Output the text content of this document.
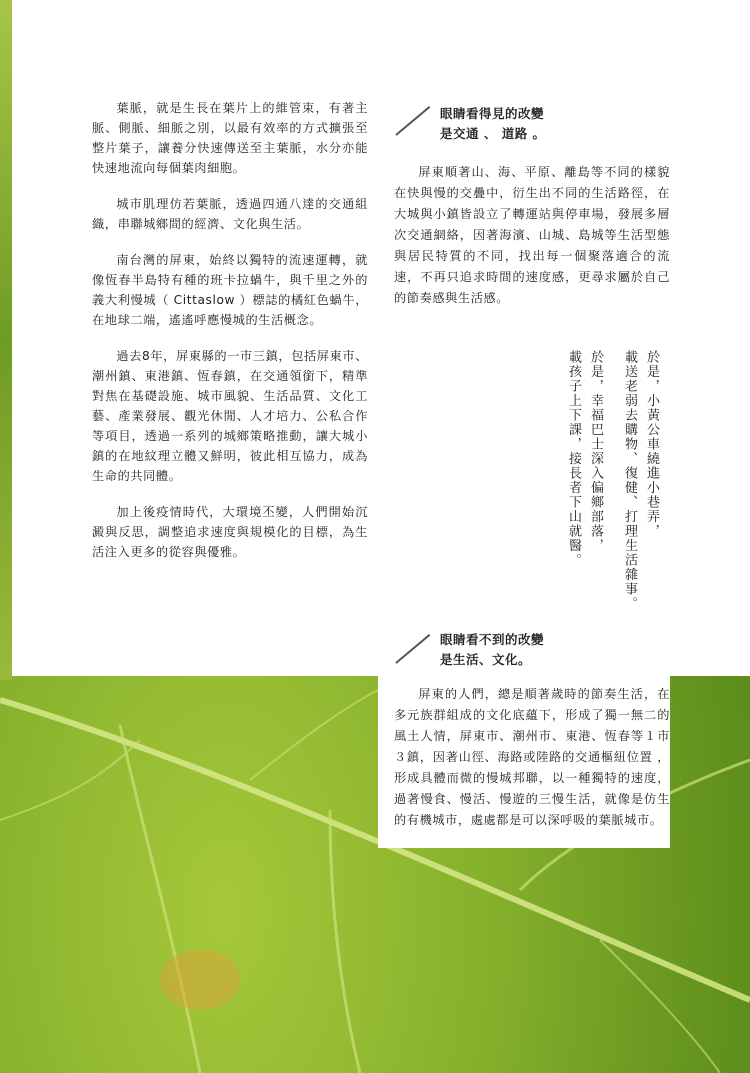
葉脈，就是生長在葉片上的維管束，有著主脈、側脈、細脈之別，以最有效率的方式擴張至整片葉子，讓養分快速傳送至主葉脈，水分亦能快速地流向每個葉肉細胞。

城市肌理仿若葉脈，透過四通八達的交通組織，串聯城鄉間的經濟、文化與生活。

南台灣的屏東，始終以獨特的流速運轉，就像恆春半島特有種的班卡拉蝸牛，與千里之外的義大利慢城（ Cittaslow ）標誌的橘紅色蝸牛， 在地球二端，遙遙呼應慢城的生活概念。

過去8年，屏東縣的一市三鎮，包括屏東市、潮州鎮、東港鎮、恆春鎮，在交通領銜下，精準對焦在基礎設施、城市風貌、生活品質、文化工藝、產業發展、觀光休閒、人才培力、公私合作等項目，透過一系列的城鄉策略推動，讓大城小鎮的在地紋理立體又鮮明，彼此相互協力，成為生命的共同體。

加上後疫情時代，大環境丕變，人們開始沉澱與反思，調整追求速度與規模化的目標，為生活注入更多的從容與優雅。

眼睛看得見的改變
是交通 、 道路 。

屏東順著山、海、平原、離島等不同的樣貌在快與慢的交疊中，衍生出不同的生活路徑，在大城與小鎮皆設立了轉運站與停車場，發展多層次交通網絡，因著海濱、山城、島城等生活型態與居民特質的不同，找出每一個聚落適合的流速，不再只追求時間的速度感，更尋求屬於自己的節奏感與生活感。

於是，小黃公車繞進小巷弄，
載送老弱去購物、復健、打理生活雜事。
於是，幸福巴士深入偏鄉部落，
載孩子上下課，接長者下山就醫。
眼睛看不到的改變
是生活、文化。

屏東的人們，總是順著歲時的節奏生活，在多元族群組成的文化底蘊下，形成了獨一無二的風土人情，屏東市、潮州市、東港、恆春等１市３鎮，因著山徑、海路或陸路的交通樞紐位置 ，形成具體而微的慢城邦聯，以一種獨特的速度，過著慢食、慢活、慢遊的三慢生活，就像是仿生的有機城市，處處都是可以深呼吸的葉脈城市。
